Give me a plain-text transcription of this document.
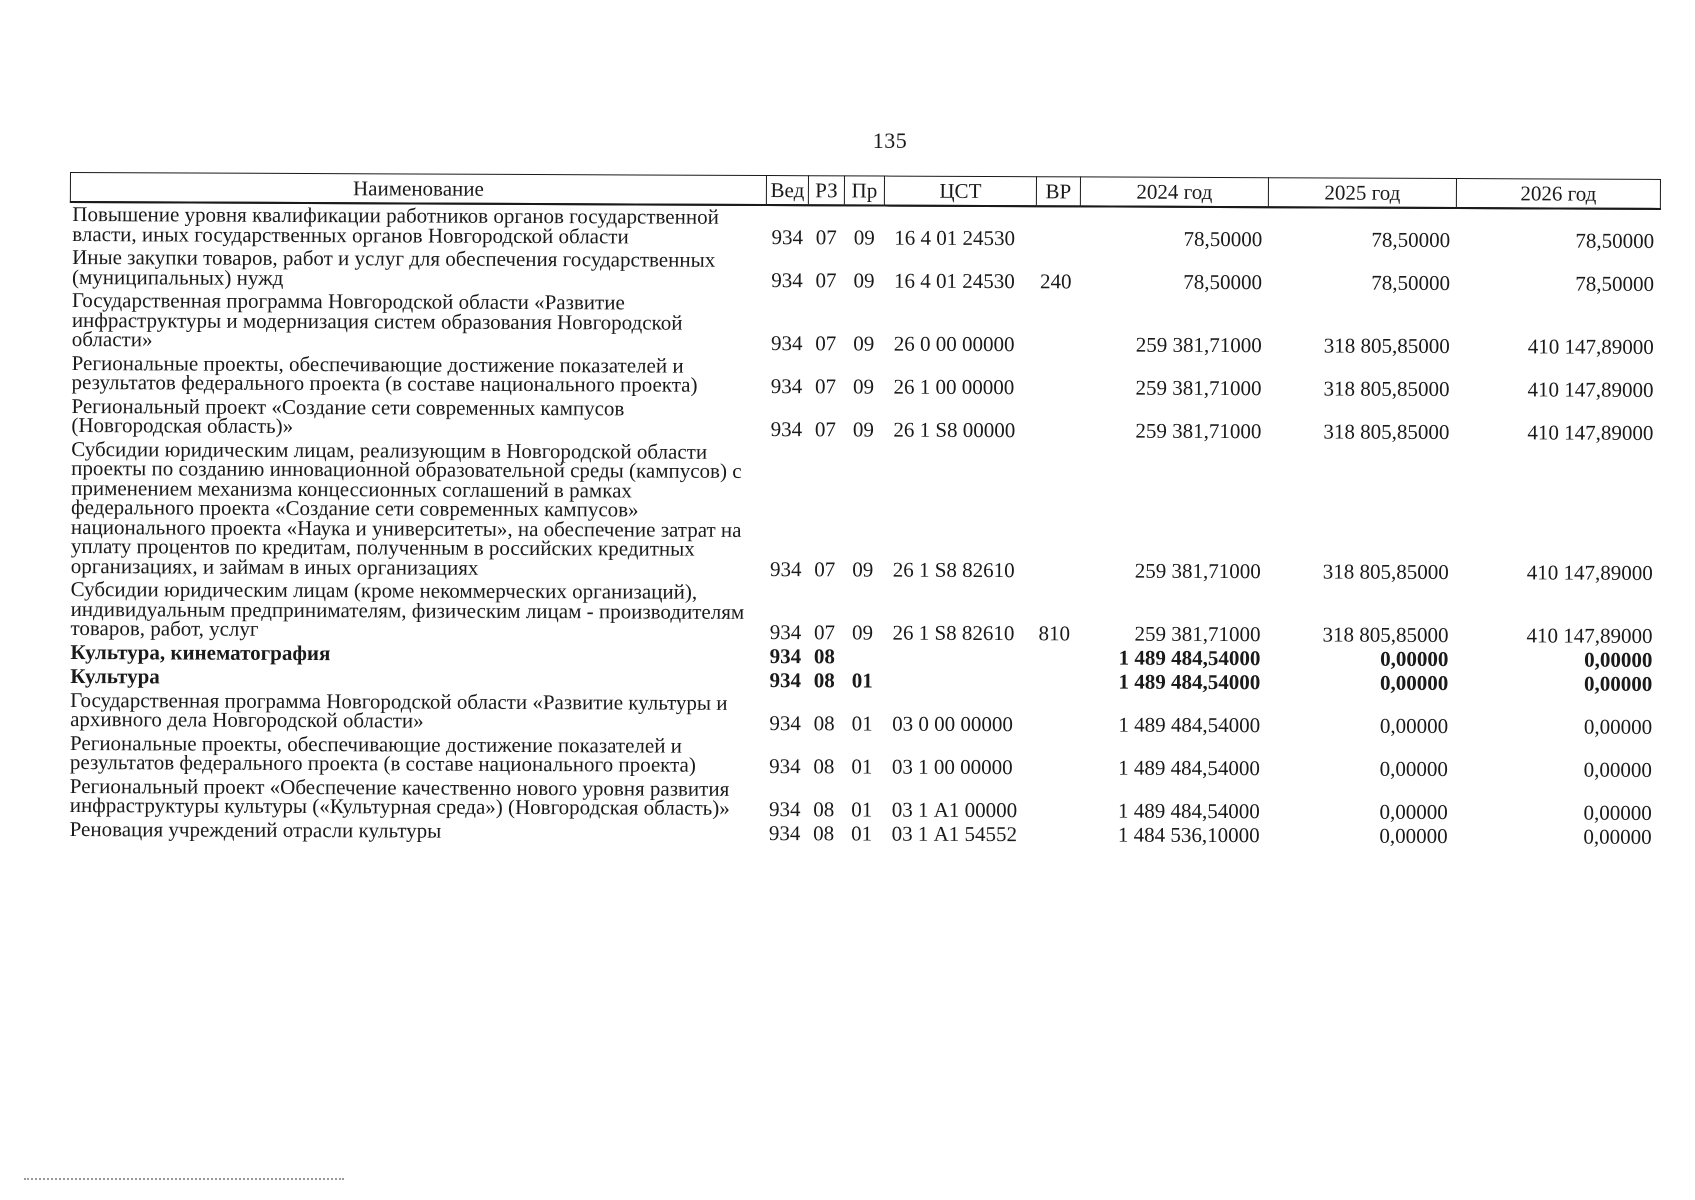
135
Наименование	Вед	РЗ	Пр	ЦСТ	ВР	2024 год	2025 год	2026 год
Повышение уровня квалификации работников органов государственной власти, иных государственных органов Новгородской области	934	07	09	16 4 01 24530		78,50000	78,50000	78,50000
Иные закупки товаров, работ и услуг для обеспечения государственных (муниципальных) нужд	934	07	09	16 4 01 24530	240	78,50000	78,50000	78,50000
Государственная программа Новгородской области «Развитие инфраструктуры и модернизация систем образования Новгородской области»	934	07	09	26 0 00 00000		259 381,71000	318 805,85000	410 147,89000
Региональные проекты, обеспечивающие достижение показателей и результатов федерального проекта (в составе национального проекта)	934	07	09	26 1 00 00000		259 381,71000	318 805,85000	410 147,89000
Региональный проект «Создание сети современных кампусов (Новгородская область)»	934	07	09	26 1 S8 00000		259 381,71000	318 805,85000	410 147,89000
Субсидии юридическим лицам, реализующим в Новгородской области проекты по созданию инновационной образовательной среды (кампусов) с применением механизма концессионных соглашений в рамках федерального проекта «Создание сети современных кампусов» национального проекта «Наука и университеты», на обеспечение затрат на уплату процентов по кредитам, полученным в российских кредитных организациях, и займам в иных организациях	934	07	09	26 1 S8 82610		259 381,71000	318 805,85000	410 147,89000
Субсидии юридическим лицам (кроме некоммерческих организаций), индивидуальным предпринимателям, физическим лицам - производителям товаров, работ, услуг	934	07	09	26 1 S8 82610	810	259 381,71000	318 805,85000	410 147,89000
Культура, кинематография	934	08				1 489 484,54000	0,00000	0,00000
Культура	934	08	01			1 489 484,54000	0,00000	0,00000
Государственная программа Новгородской области «Развитие культуры и архивного дела Новгородской области»	934	08	01	03 0 00 00000		1 489 484,54000	0,00000	0,00000
Региональные проекты, обеспечивающие достижение показателей и результатов федерального проекта (в составе национального проекта)	934	08	01	03 1 00 00000		1 489 484,54000	0,00000	0,00000
Региональный проект «Обеспечение качественно нового уровня развития инфраструктуры культуры («Культурная среда») (Новгородская область)»	934	08	01	03 1 А1 00000		1 489 484,54000	0,00000	0,00000
Реновация учреждений отрасли культуры	934	08	01	03 1 А1 54552		1 484 536,10000	0,00000	0,00000
